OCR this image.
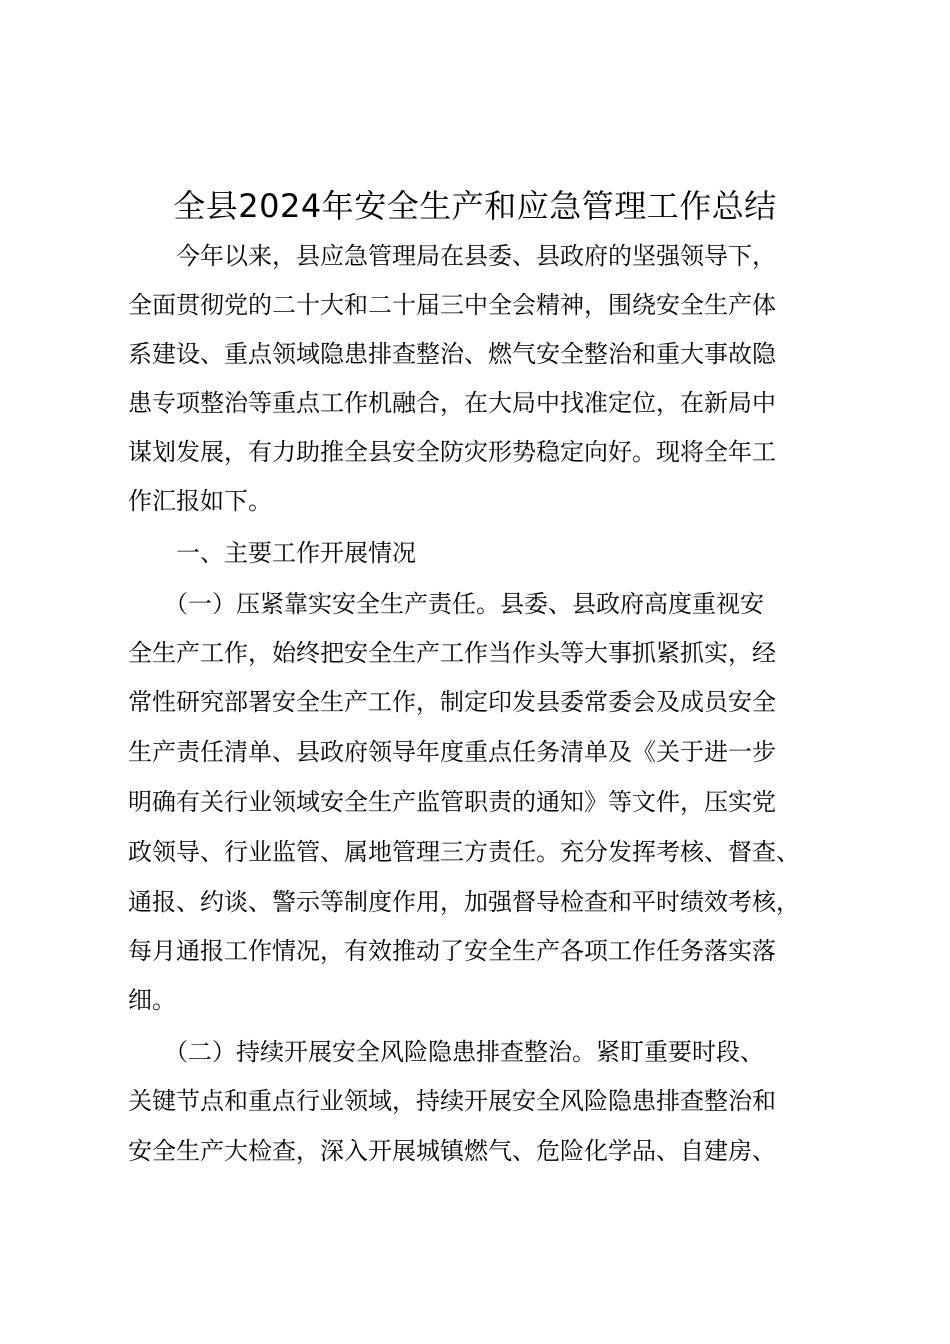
全县2024年安全生产和应急管理工作总结
　　今年以来，县应急管理局在县委、县政府的坚强领导下，
全面贯彻党的二十大和二十届三中全会精神，围绕安全生产体
系建设、重点领域隐患排查整治、燃气安全整治和重大事故隐
患专项整治等重点工作机融合，在大局中找准定位，在新局中
谋划发展，有力助推全县安全防灾形势稳定向好。现将全年工
作汇报如下。
　　一、主要工作开展情况
　　（一）压紧靠实安全生产责任。县委、县政府高度重视安
全生产工作，始终把安全生产工作当作头等大事抓紧抓实，经
常性研究部署安全生产工作，制定印发县委常委会及成员安全
生产责任清单、县政府领导年度重点任务清单及《关于进一步
明确有关行业领域安全生产监管职责的通知》等文件，压实党
政领导、行业监管、属地管理三方责任。充分发挥考核、督查、
通报、约谈、警示等制度作用，加强督导检查和平时绩效考核，
每月通报工作情况，有效推动了安全生产各项工作任务落实落
细。
　　（二）持续开展安全风险隐患排查整治。紧盯重要时段、
关键节点和重点行业领域，持续开展安全风险隐患排查整治和
安全生产大检查，深入开展城镇燃气、危险化学品、自建房、
